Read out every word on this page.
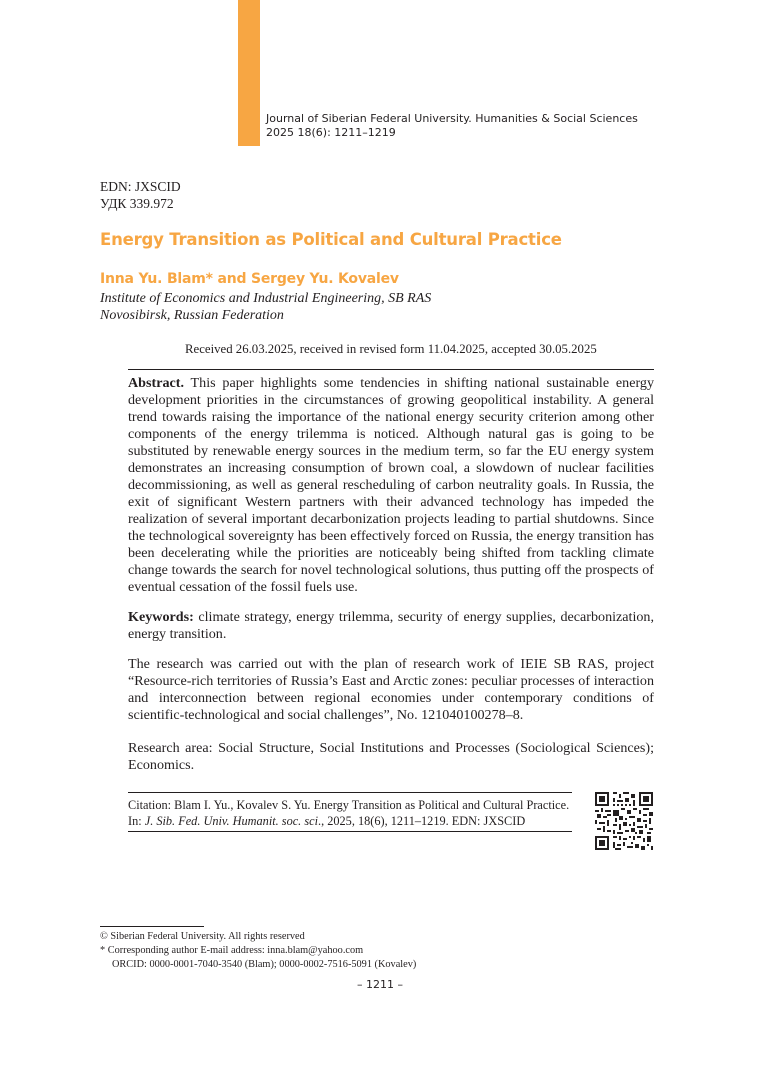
Journal of Siberian Federal University. Humanities & Social Sciences
2025 18(6): 1211–1219
EDN: JXSCID
УДК 339.972
Energy Transition as Political and Cultural Practice
Inna Yu. Blam* and Sergey Yu. Kovalev
Institute of Economics and Industrial Engineering, SB RAS
Novosibirsk, Russian Federation
Received 26.03.2025, received in revised form 11.04.2025, accepted 30.05.2025
Abstract. This paper highlights some tendencies in shifting national sustainable energy development priorities in the circumstances of growing geopolitical instability. A general trend towards raising the importance of the national energy security criterion among other components of the energy trilemma is noticed. Although natural gas is going to be substituted by renewable energy sources in the medium term, so far the EU energy system demonstrates an increasing consumption of brown coal, a slowdown of nuclear facilities decommissioning, as well as general rescheduling of carbon neutrality goals. In Russia, the exit of significant Western partners with their advanced technology has impeded the realization of several important decarbonization projects leading to partial shutdowns. Since the technological sovereignty has been effectively forced on Russia, the energy transition has been decelerating while the priorities are noticeably being shifted from tackling climate change towards the search for novel technological solutions, thus putting off the prospects of eventual cessation of the fossil fuels use.
Keywords: climate strategy, energy trilemma, security of energy supplies, decarbonization, energy transition.
The research was carried out with the plan of research work of IEIE SB RAS, project “Resource-rich territories of Russia’s East and Arctic zones: peculiar processes of interaction and interconnection between regional economies under contemporary conditions of scientific-technological and social challenges”, No. 121040100278–8.
Research area: Social Structure, Social Institutions and Processes (Sociological Sciences); Economics.
Citation: Blam I. Yu., Kovalev S. Yu. Energy Transition as Political and Cultural Practice.
In: J. Sib. Fed. Univ. Humanit. soc. sci., 2025, 18(6), 1211–1219. EDN: JXSCID
© Siberian Federal University. All rights reserved
* Corresponding author E-mail address: inna.blam@yahoo.com
ORCID: 0000-0001-7040-3540 (Blam); 0000-0002-7516-5091 (Kovalev)
– 1211 –
